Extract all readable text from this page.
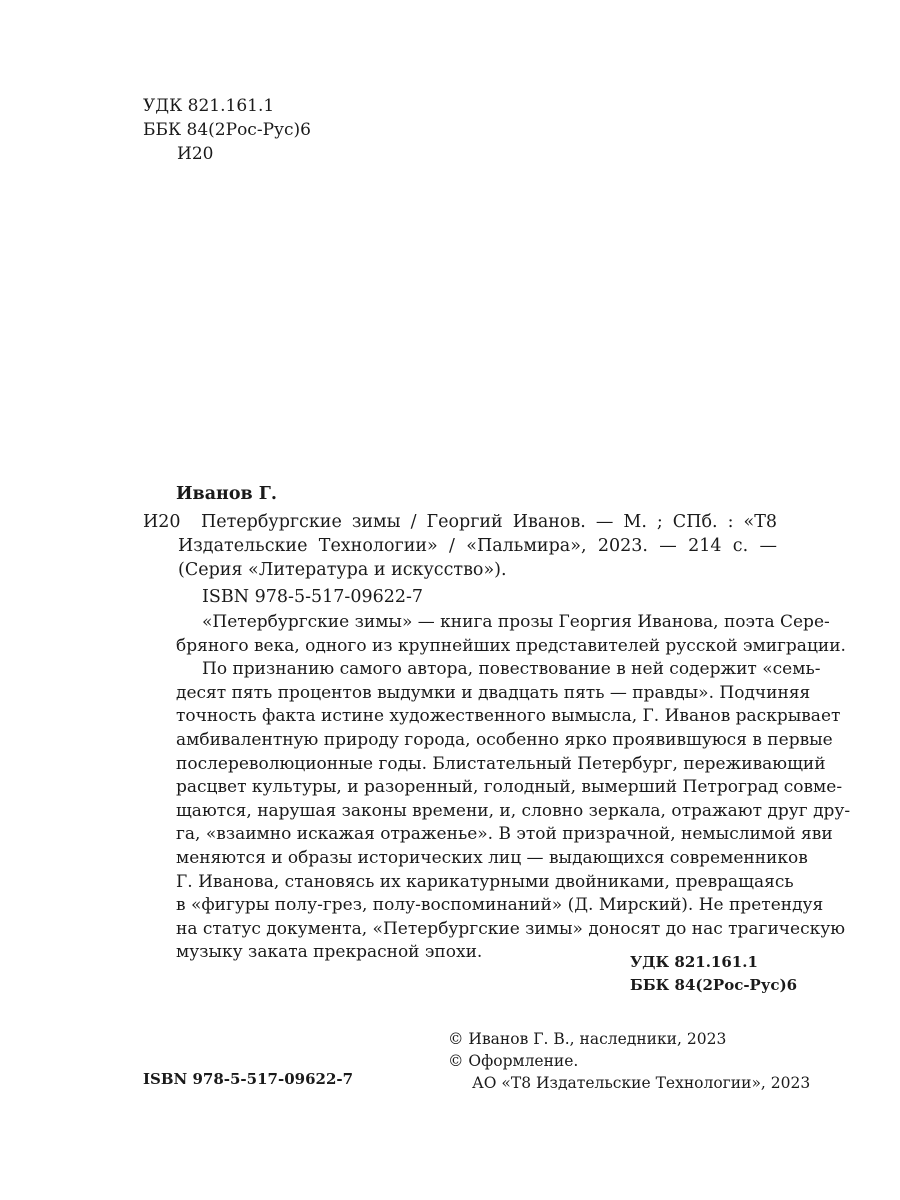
УДК 821.161.1
ББК 84(2Рос-Рус)6
И20
Иванов Г.
И20 Петербургские зимы / Георгий Иванов. — М. ; СПб. : «Т8
Издательские Технологии» / «Пальмира», 2023. — 214 с. —
(Серия «Литература и искусство»).
ISBN 978-5-517-09622-7
«Петербургские зимы» — книга прозы Георгия Иванова, поэта Сере-
бряного века, одного из крупнейших представителей русской эмиграции.
По признанию самого автора, повествование в ней содержит «семь-
десят пять процентов выдумки и двадцать пять — правды». Подчиняя
точность факта истине художественного вымысла, Г. Иванов раскрывает
амбивалентную природу города, особенно ярко проявившуюся в первые
послереволюционные годы. Блистательный Петербург, переживающий
расцвет культуры, и разоренный, голодный, вымерший Петроград совме-
щаются, нарушая законы времени, и, словно зеркала, отражают друг дру-
га, «взаимно искажая отраженье». В этой призрачной, немыслимой яви
меняются и образы исторических лиц — выдающихся современников
Г. Иванова, становясь их карикатурными двойниками, превращаясь
в «фигуры полу-грез, полу-воспоминаний» (Д. Мирский). Не претендуя
на статус документа, «Петербургские зимы» доносят до нас трагическую
музыку заката прекрасной эпохи.	УДК 821.161.1
ББК 84(2Рос-Рус)6
© Иванов Г. В., наследники, 2023
© Оформление.
АО «Т8 Издательские Технологии», 2023
ISBN 978-5-517-09622-7
